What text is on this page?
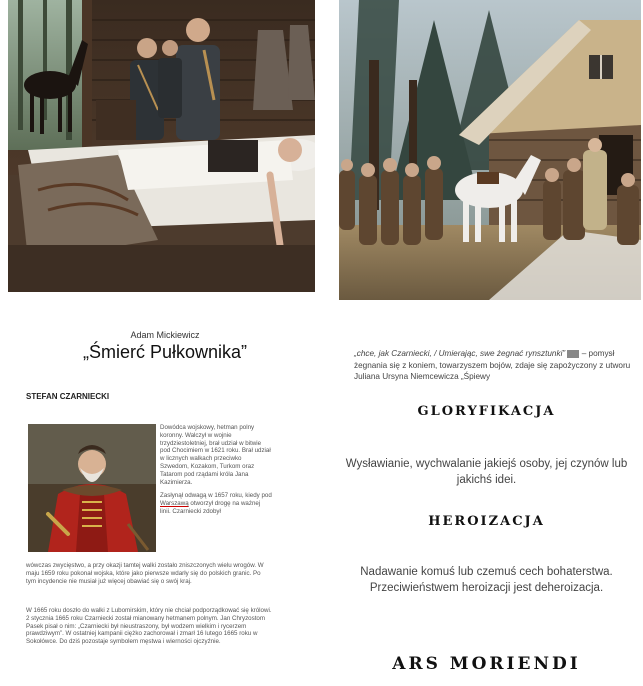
Adam Mickiewicz
„Śmierć Pułkownika”
STEFAN CZARNIECKI

Dowódca wojskowy, hetman polny koronny. Walczył w wojnie trzydziestoletniej, brał udział w bitwie pod Chocimiem w 1621 roku. Brał udział w licznych walkach przeciwko Szwedom, Kozakom, Turkom oraz Tatarom pod rządami króla Jana Kazimierza.

Zasłynął odwagą w 1657 roku, kiedy pod Warszawą otworzył drogę na ważnej linii. Czarniecki zdobył

wówczas zwycięstwo, a przy okazji tamtej walki zostało zniszczonych wielu wrogów. W maju 1659 roku pokonał wojska, które jako pierwsze wdarły się do polskich granic. Po tym incydencie nie musiał już więcej obawiać się o swój kraj.
W 1665 roku doszło do walki z Lubomirskim, który nie chciał podporządkować się królowi. 2 stycznia 1665 roku Czarniecki został mianowany hetmanem polnym. Jan Chryzostom Pasek pisał o nim: „Czarniecki był nieustraszony, był wodzem wielkim i rycerzem prawdziwym”. W ostatniej kampanii ciężko zachorował i zmarł 16 lutego 1665 roku w Sokołówce. Do dziś pozostaje symbolem męstwa i wierności ojczyźnie.
„chce, jak Czarniecki, / Umierając, swe żegnać rynsztunki” – pomysł żegnania się z koniem, towarzyszem bojów, zdaje się zapożyczony z utworu Juliana Ursyna Niemcewicza „Śpiewy
GLORYFIKACJA
Wysławianie, wychwalanie jakiejś osoby, jej czynów lub jakichś idei.
HEROIZACJA
Nadawanie komuś lub czemuś cech bohaterstwa. Przeciwieństwem heroizacji jest deheroizacja.
ARS MORIENDI
